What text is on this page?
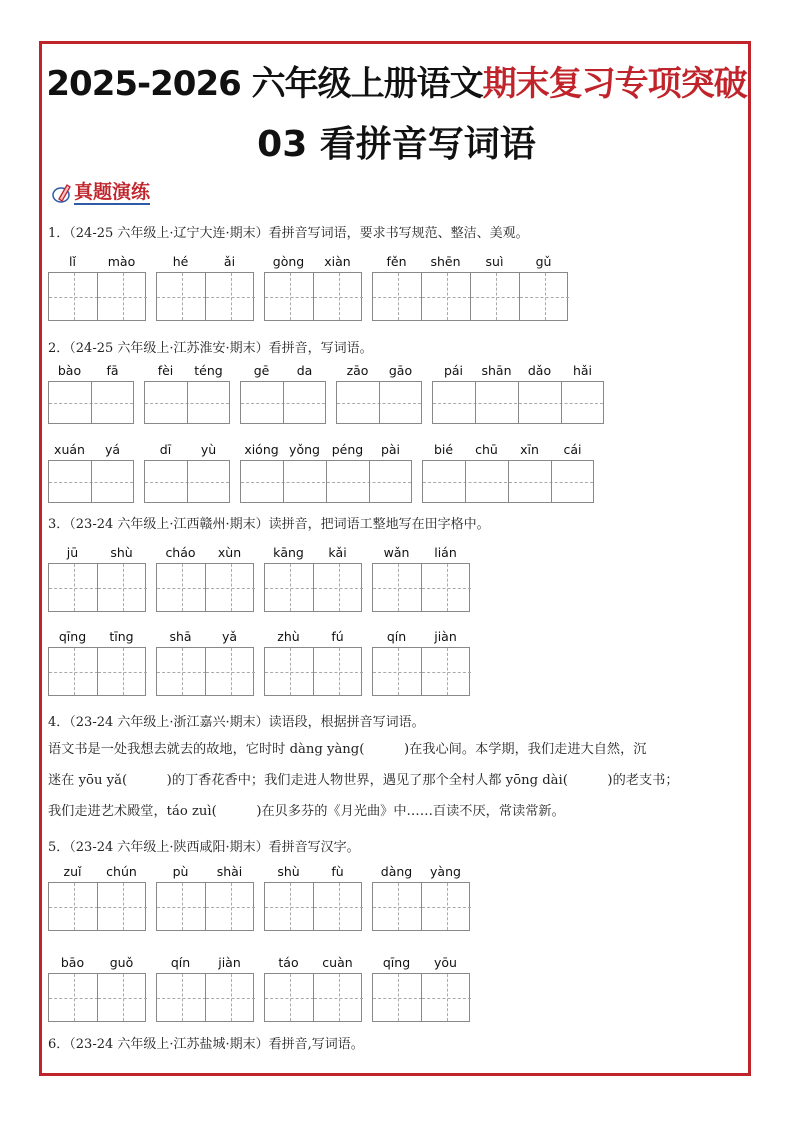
2025-2026 六年级上册语文期末复习专项突破
03 看拼音写词语
真题演练
1．（24-25 六年级上·辽宁大连·期末）看拼音写词语，要求书写规范、整洁、美观。
2．（24-25 六年级上·江苏淮安·期末）看拼音，写词语。
3．（23-24 六年级上·江西赣州·期末）读拼音，把词语工整地写在田字格中。
4．（23-24 六年级上·浙江嘉兴·期末）读语段，根据拼音写词语。
语文书是一处我想去就去的故地，它时时 dàng yàng(　　　)在我心间。本学期，我们走进大自然，沉
迷在 yōu yǎ(　　　)的丁香花香中；我们走进人物世界，遇见了那个全村人都 yōng dài(　　　)的老支书；
我们走进艺术殿堂，táo zuì(　　　)在贝多芬的《月光曲》中……百读不厌，常读常新。
5．（23-24 六年级上·陕西咸阳·期末）看拼音写汉字。
6．（23-24 六年级上·江苏盐城·期末）看拼音,写词语。
lǐ	mào	hé	ǎi	gòng	xiàn	fěn	shēn	suì	gǔ
bào	fā	fèi	téng	gē	da	zāo	gāo	pái	shān	dǎo	hǎi
xuán	yá	dī	yù	xióng yǒng péng	pài	bié	chū	xīn	cái
jū	shù	cháo	xùn	kāng	kǎi	wǎn	lián
qīng	tīng	shā	yǎ	zhù	fú	qín	jiàn
zuǐ	chún	pù	shài	shù	fù	dàng	yàng
bāo	guǒ	qín	jiàn	táo	cuàn	qīng	yōu
